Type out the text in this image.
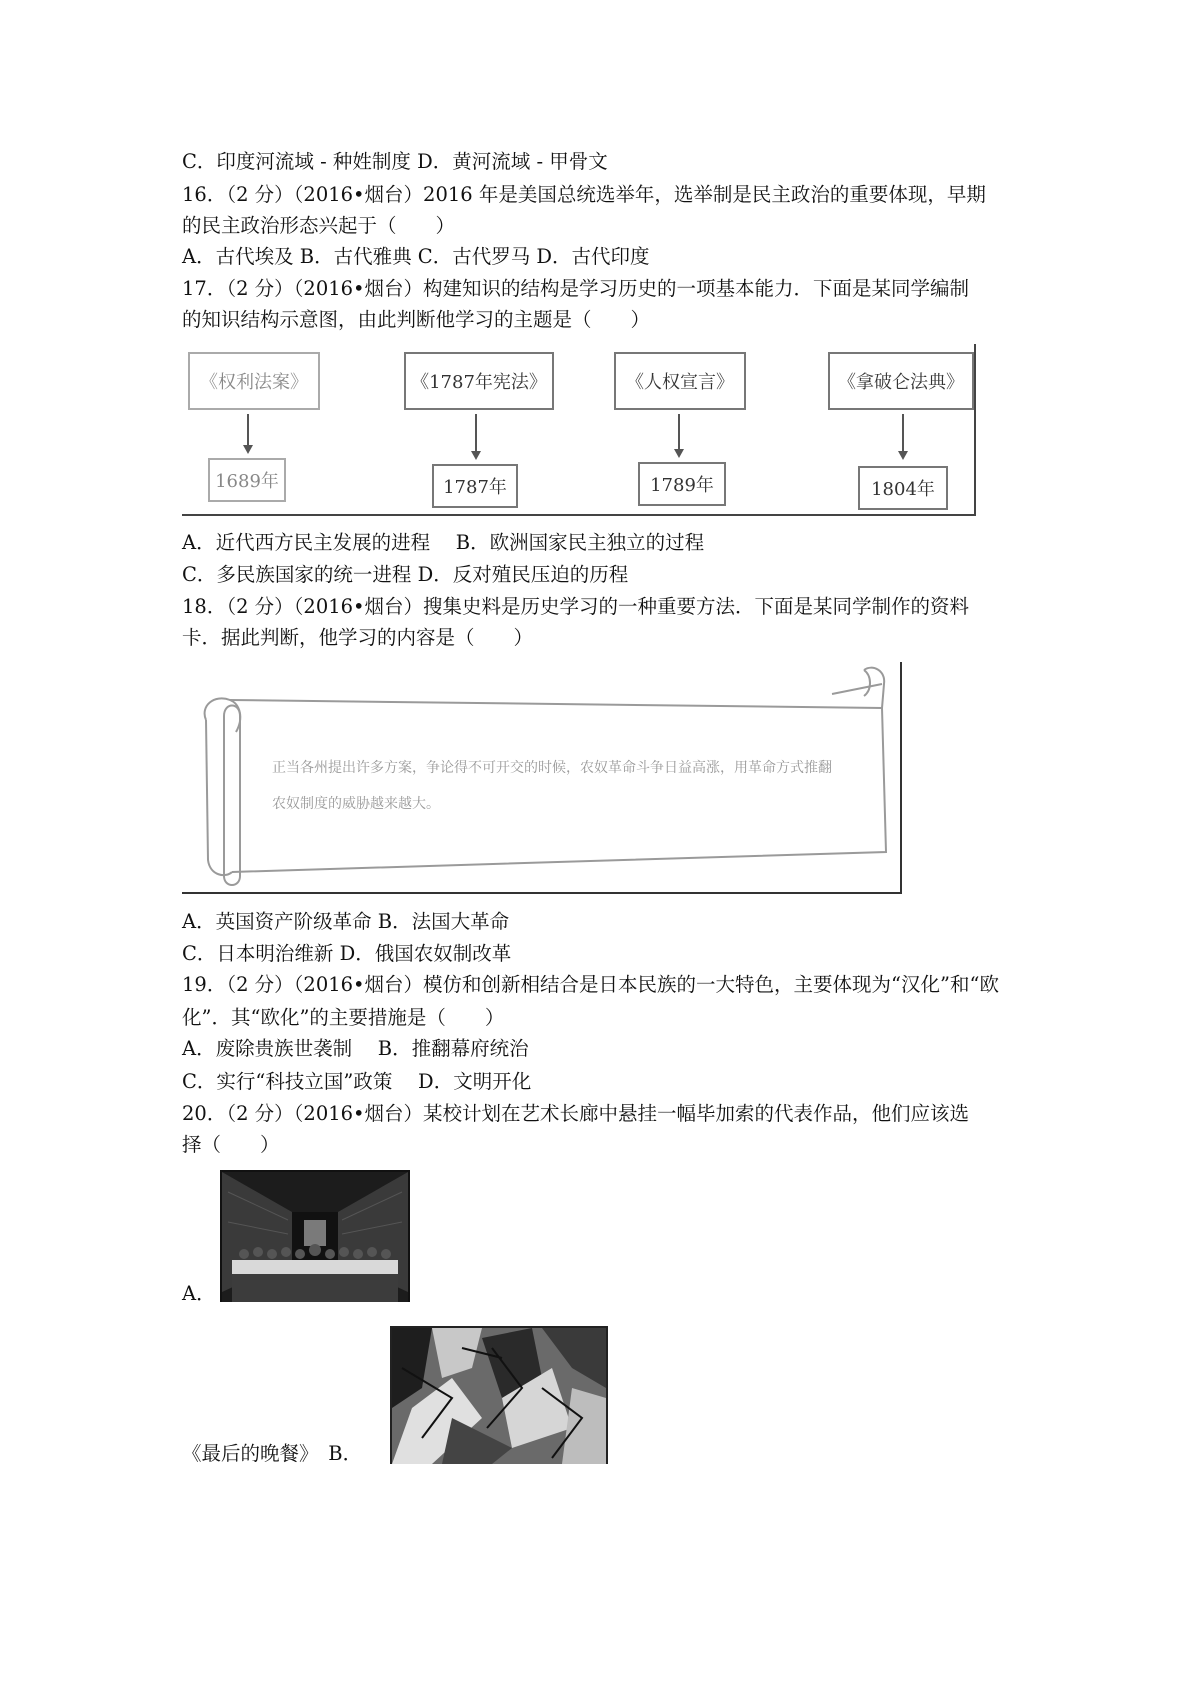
C．印度河流域 - 种姓制度 D．黄河流域 - 甲骨文
16．（2 分）（2016•烟台）2016 年是美国总统选举年，选举制是民主政治的重要体现，早期
的民主政治形态兴起于（　　）
A．古代埃及 B．古代雅典 C．古代罗马 D．古代印度
17．（2 分）（2016•烟台）构建知识的结构是学习历史的一项基本能力．下面是某同学编制
的知识结构示意图，由此判断他学习的主题是（　　）
《权利法案》
1689年
《1787年宪法》
1787年
《人权宣言》
1789年
《拿破仑法典》
1804年
A．近代西方民主发展的进程　 B．欧洲国家民主独立的过程
C．多民族国家的统一进程 D．反对殖民压迫的历程
18．（2 分）（2016•烟台）搜集史料是历史学习的一种重要方法．下面是某同学制作的资料
卡．据此判断，他学习的内容是（　　）
正当各州提出许多方案，争论得不可开交的时候，农奴革命斗争日益高涨，用革命方式推翻农奴制度的威胁越来越大。
A．英国资产阶级革命 B．法国大革命
C．日本明治维新 D．俄国农奴制改革
19．（2 分）（2016•烟台）模仿和创新相结合是日本民族的一大特色，主要体现为“汉化”和“欧
化”．其“欧化”的主要措施是（　　）
A．废除贵族世袭制　 B．推翻幕府统治
C．实行“科技立国”政策　 D．文明开化
20．（2 分）（2016•烟台）某校计划在艺术长廊中悬挂一幅毕加索的代表作品，他们应该选
择（　　）
A．
《最后的晚餐》　B．
